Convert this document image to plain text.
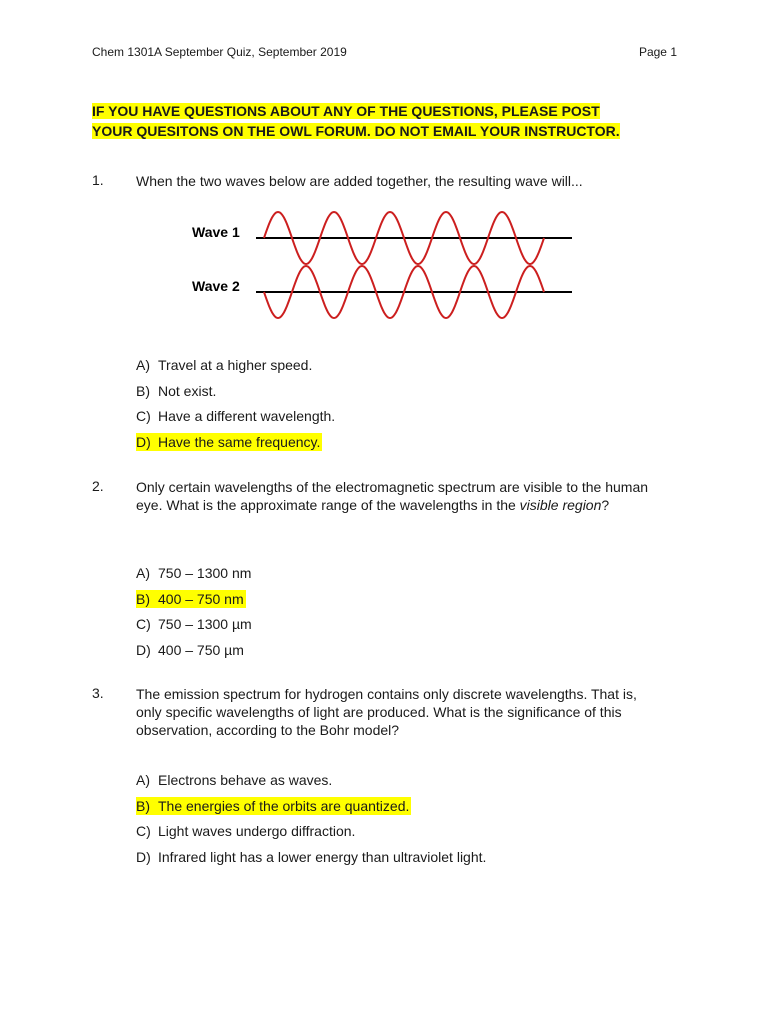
Chem 1301A September Quiz, September 2019	Page 1
IF YOU HAVE QUESTIONS ABOUT ANY OF THE QUESTIONS, PLEASE POST
YOUR QUESITONS ON THE OWL FORUM. DO NOT EMAIL YOUR INSTRUCTOR.
1. When the two waves below are added together, the resulting wave will...
A) Travel at a higher speed.
B) Not exist.
C) Have a different wavelength.
D) Have the same frequency.
Wave 1
Wave 2
2. Only certain wavelengths of the electromagnetic spectrum are visible to the human eye. What is the approximate range of the wavelengths in the visible region?
A) 750 – 1300 nm
B) 400 – 750 nm
C) 750 – 1300 µm
D) 400 – 750 µm
3. The emission spectrum for hydrogen contains only discrete wavelengths. That is, only specific wavelengths of light are produced. What is the significance of this observation, according to the Bohr model?
A) Electrons behave as waves.
B) The energies of the orbits are quantized.
C) Light waves undergo diffraction.
D) Infrared light has a lower energy than ultraviolet light.
